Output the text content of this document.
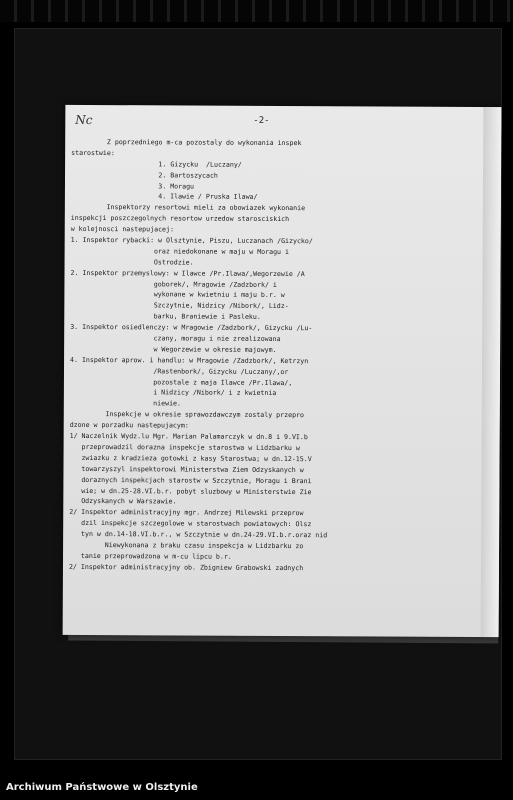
Nc	-2-
Z poprzedniego m-ca pozostaly do wykonania inspek
starostwie:
1. Gizycku  /Luczany/
2. Bartoszycach
3. Moragu
4. Ilawie / Pruska Ilawa/
Inspektorzy resortowi mieli za obowiazek wykonanie
inspekcji poszczegolnych resortow urzedow starosciskich
w kolejnosci nastepujacej:
1. Inspektor rybacki: w Olsztynie, Piszu, Luczanach /Gizycko/
oraz niedokonane w maju w Moragu i
Ostrodzie.
2. Inspektor przemyslowy: w Ilawce /Pr.Ilawa/,Wegorzewie /A
goborek/, Mragowie /Zadzbork/ i
wykonane w kwietniu i maju b.r. w
Szczytnie, Nidzicy /Nibork/, Lidz-
barku, Braniewie i Pasleku.
3. Inspektor osiedlenczy: w Mragowie /Zadzbork/, Gizycku /Lu-
czany, moragu i nie zrealizowana
w Wegorzewie w okresie majowym.
4. Inspektor aprow. i handlu: w Mragowie /Zadzbork/, Ketrzyn
/Rastenbork/, Gizycku /Luczany/,or
pozostale z maja Ilawce /Pr.Ilawa/,
i Nidzicy /Nibork/ i z kwietnia
niewie.
Inspekcje w okresie sprawozdawczym zostaly przepro
dzone w porzadku nastepujacym:
1/ Naczelnik Wydz.lu Mgr. Marian Palamarczyk w dn.8 i 9.VI.b
przeprowadzil dorazna inspekcje starostwa w Lidzbarku w
zwiazku z kradzieza gotowki z kasy Starostwa; w dn.12-15.V
towarzyszyl inspektorowi Ministerstwa Ziem Odzyskanych w
doraznych inspekcjach starostw w Szczytnie, Moragu i Brani
wie; w dn.25-28.VI.b.r. pobyt sluzbowy w Ministerstwie Zie
Odzyskanych w Warszawie.
2/ Inspektor administracyjny mgr. Andrzej Milewski przeprow
dzil inspekcje szczegolowe w starostwach powiatowych: Olsz
tyn w dn.14-18.VI.b.r., w Szczytnie w dn.24-29.VI.b.r.oraz nid
Niewykonana z braku czasu inspekcja w Lidzbarku zo
tanie przeprowadzona w m-cu lipcu b.r.
2/ Inspektor administracyjny ob. Zbigniew Grabowski zadnych
Archiwum Państwowe w Olsztynie
